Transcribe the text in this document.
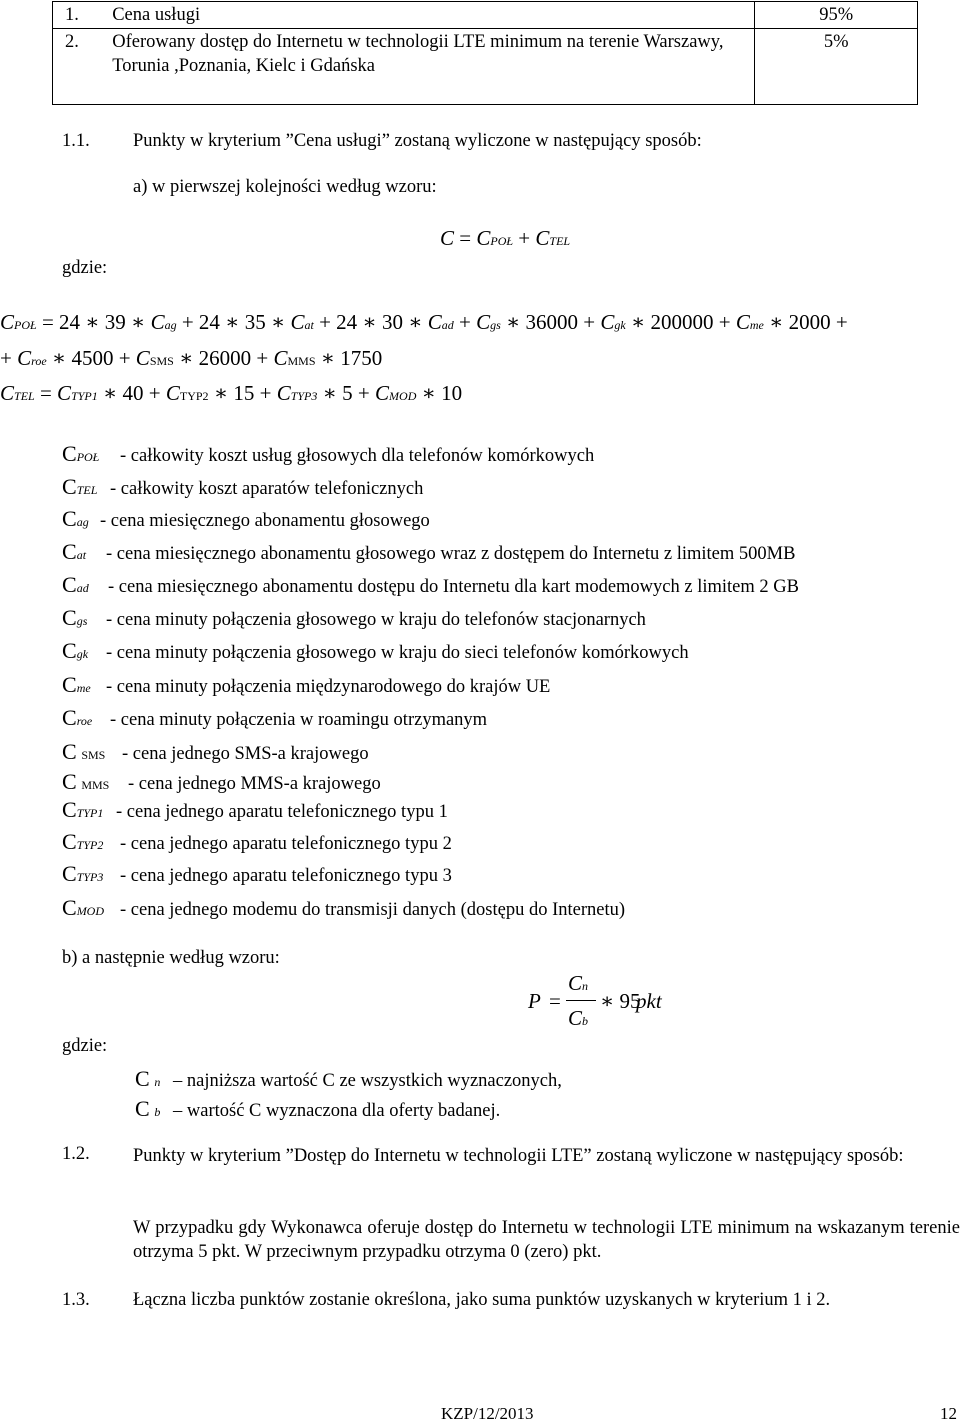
1.	Cena usługi	95%
2.	Oferowany dostęp do Internetu w technologii LTE minimum na terenie Warszawy, Torunia ,Poznania, Kielc i Gdańska	5%
1.1. Punkty w kryterium ”Cena usługi” zostaną wyliczone w następujący sposób:
a) w pierwszej kolejności według wzoru:
C = CPOŁ + CTEL
gdzie:
CPOŁ = 24 ∗ 39 ∗ Cag + 24 ∗ 35 ∗ Cat + 24 ∗ 30 ∗ Cad + Cgs ∗ 36000 + Cgk ∗ 200000 + Cme ∗ 2000 +
+ Croe ∗ 4500 + CSMS ∗ 26000 + CMMS ∗ 1750
CTEL = CTYP1 ∗ 40 + CTYP2 ∗ 15 + CTYP3 ∗ 5 + CMOD ∗ 10
CPOŁ - całkowity koszt usług głosowych dla telefonów komórkowych
CTEL - całkowity koszt aparatów telefonicznych
Cag - cena miesięcznego abonamentu głosowego
Cat - cena miesięcznego abonamentu głosowego wraz z dostępem do Internetu z limitem 500MB
Cad - cena miesięcznego abonamentu dostępu do Internetu dla kart modemowych z limitem 2 GB
Cgs - cena minuty połączenia głosowego w kraju do telefonów stacjonarnych
Cgk - cena minuty połączenia głosowego w kraju do sieci telefonów komórkowych
Cme - cena minuty połączenia międzynarodowego do krajów UE
Croe - cena minuty połączenia w roamingu otrzymanym
C SMS - cena jednego SMS-a krajowego
C MMS - cena jednego MMS-a krajowego
CTYP1 - cena jednego aparatu telefonicznego typu 1
CTYP2 - cena jednego aparatu telefonicznego typu 2
CTYP3 - cena jednego aparatu telefonicznego typu 3
CMOD - cena jednego modemu do transmisji danych (dostępu do Internetu)
b) a następnie według wzoru:
P =
Cn
Cb
∗ 95
pkt
gdzie:
C n – najniższa wartość C ze wszystkich wyznaczonych,
C b – wartość C wyznaczona dla oferty badanej.
1.2. Punkty w kryterium ”Dostęp do Internetu w technologii LTE” zostaną wyliczone w następujący sposób:
W przypadku gdy Wykonawca oferuje dostęp do Internetu w technologii LTE minimum na wskazanym terenie otrzyma 5 pkt. W przeciwnym przypadku otrzyma 0 (zero) pkt.
1.3. Łączna liczba punktów zostanie określona, jako suma punktów uzyskanych w kryterium 1 i 2.
KZP/12/2013	12
